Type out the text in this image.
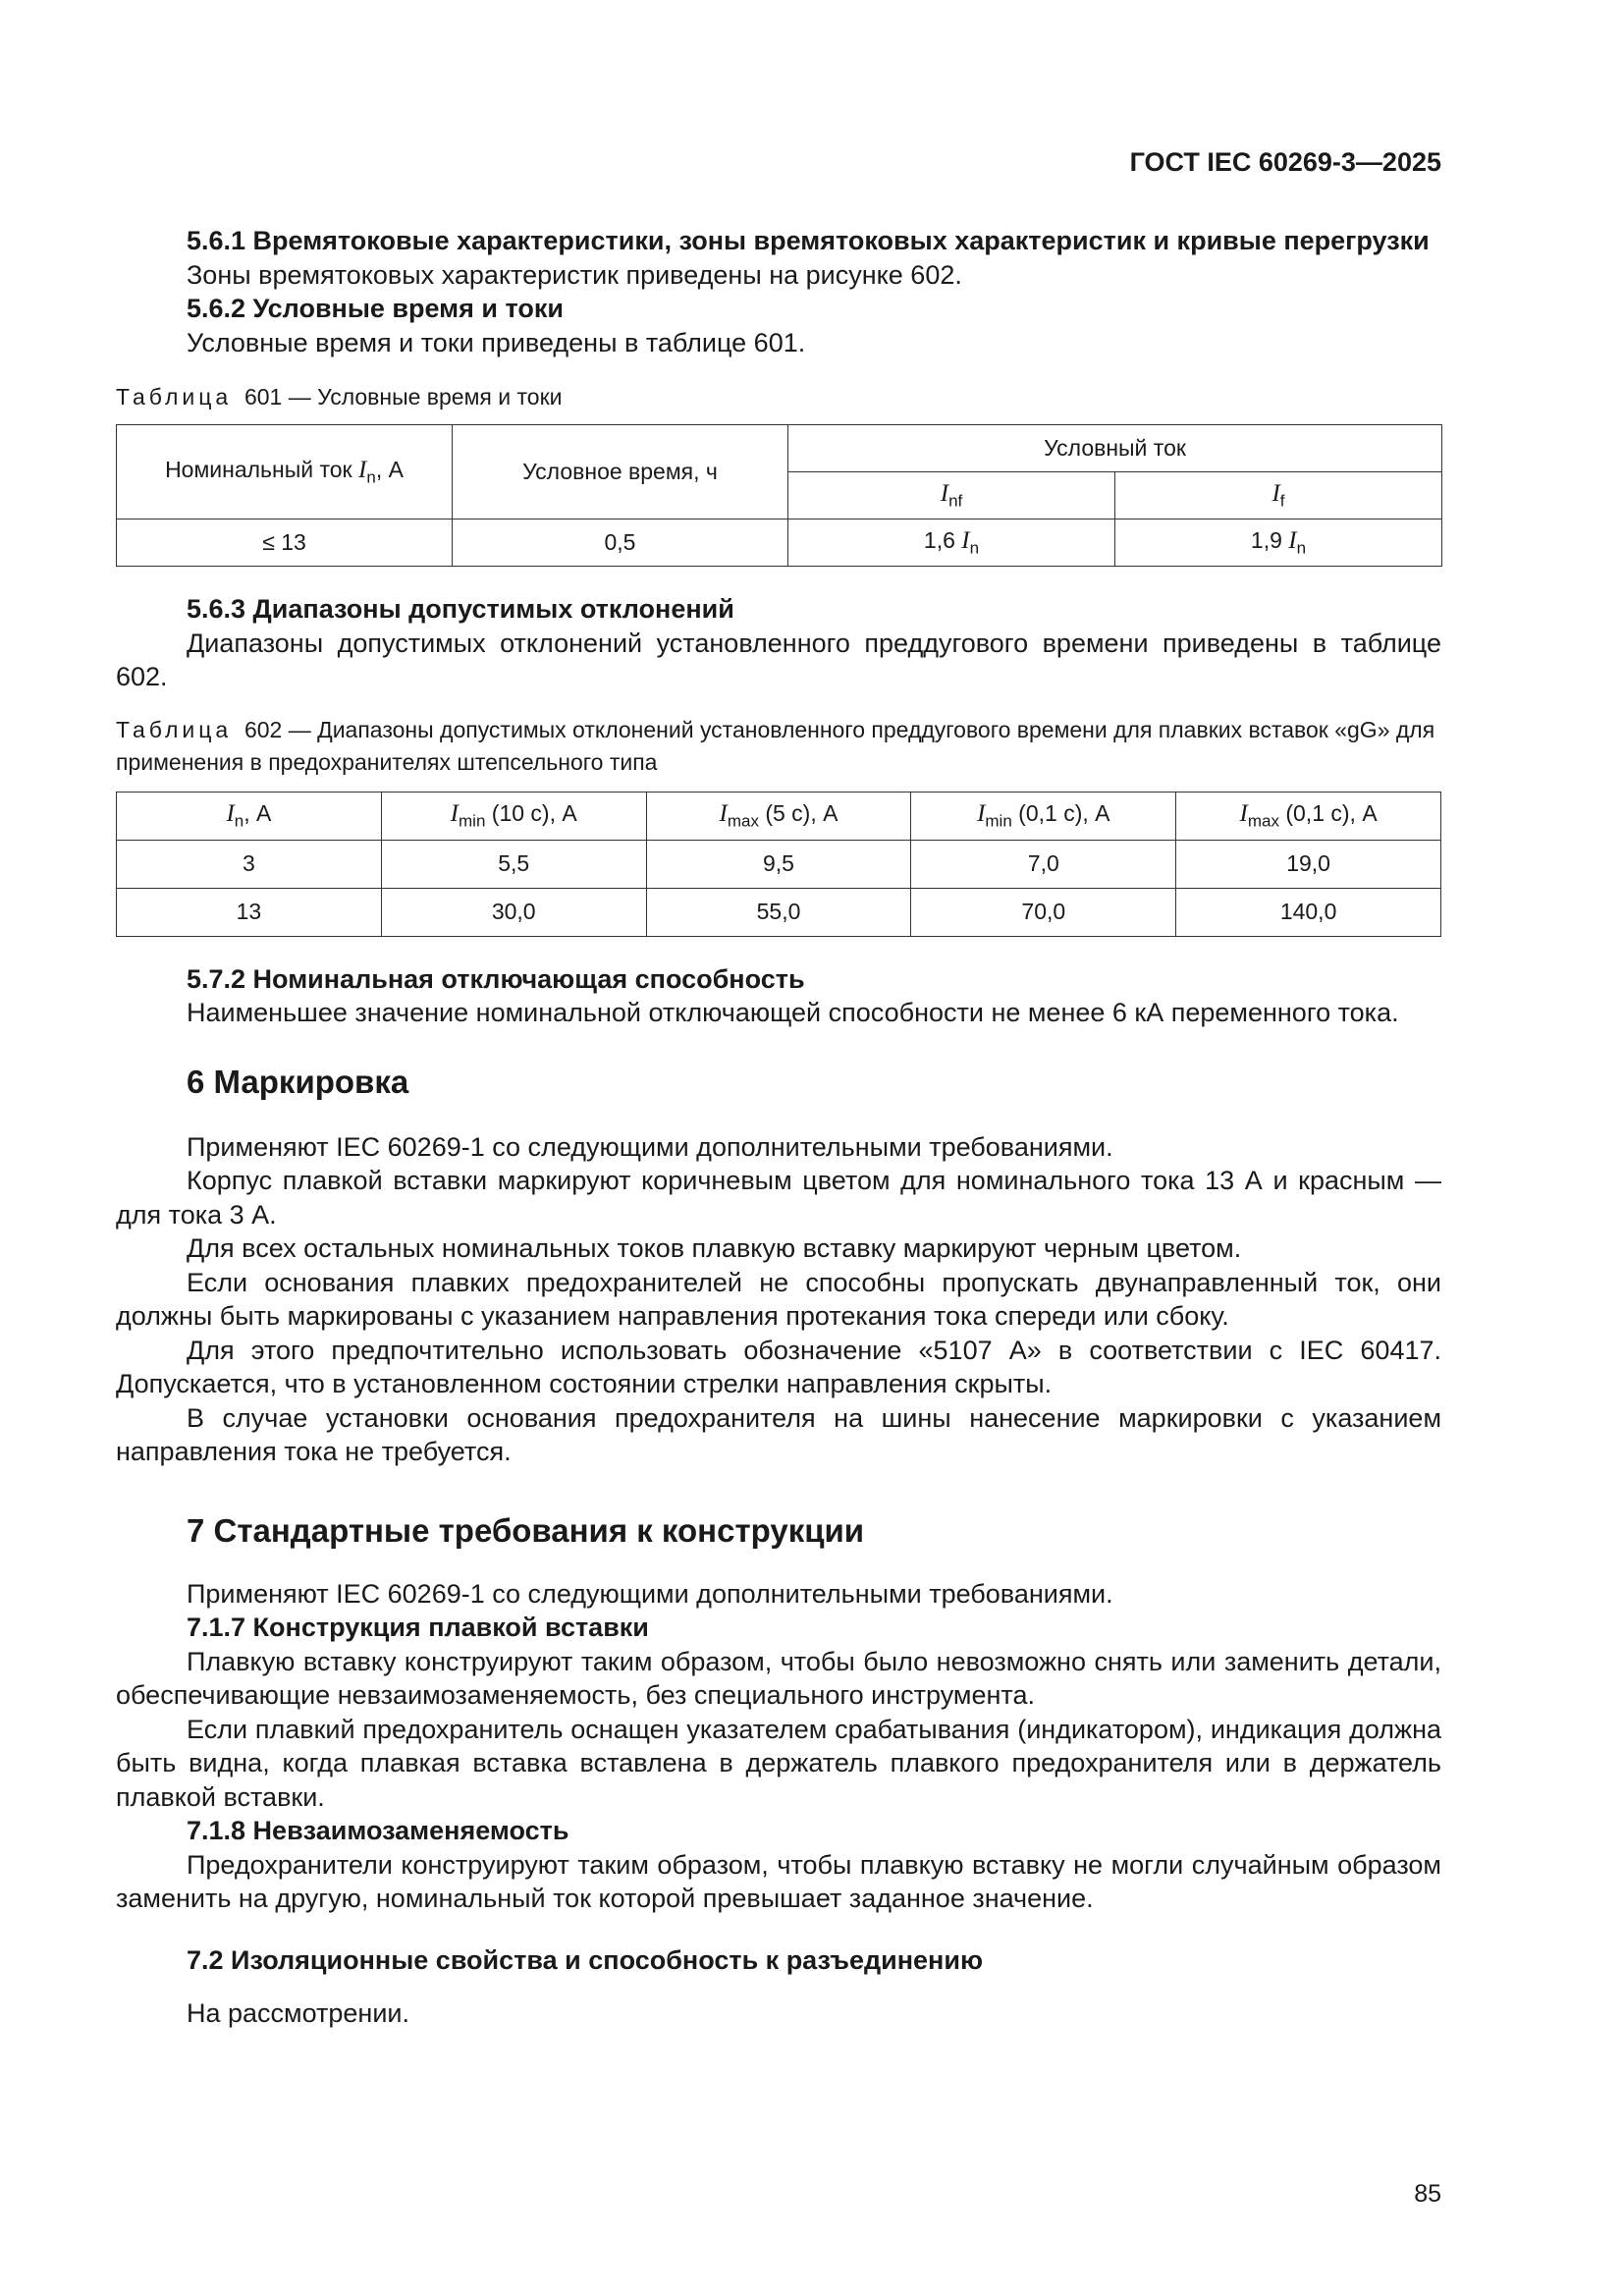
ГОСТ IEC 60269-3—2025

5.6.1 Времятоковые характеристики, зоны времятоковых характеристик и кривые перегрузки

Зоны времятоковых характеристик приведены на рисунке 602.

5.6.2 Условные время и токи

Условные время и токи приведены в таблице 601.

Таблица 601 — Условные время и токи

Номинальный ток $I_n$, А	Условное время, ч	Условный ток	
		$I_{nf}$	$I_f$
≤ 13	0,5	1,6 $I_n$	1,9 $I_n$

5.6.3 Диапазоны допустимых отклонений

Диапазоны допустимых отклонений установленного преддугового времени приведены в таблице 602.

Таблица 602 — Диапазоны допустимых отклонений установленного преддугового времени для плавких вставок «gG» для применения в предохранителях штепсельного типа

$I_n$, А	$I_{min}$ (10 с), А	$I_{max}$ (5 с), А	$I_{min}$ (0,1 с), А	$I_{max}$ (0,1 с), А
3	5,5	9,5	7,0	19,0
13	30,0	55,0	70,0	140,0

5.7.2 Номинальная отключающая способность

Наименьшее значение номинальной отключающей способности не менее 6 кА переменного тока.

6 Маркировка

Применяют IEC 60269-1 со следующими дополнительными требованиями.

Корпус плавкой вставки маркируют коричневым цветом для номинального тока 13 А и красным — для тока 3 А.

Для всех остальных номинальных токов плавкую вставку маркируют черным цветом.

Если основания плавких предохранителей не способны пропускать двунаправленный ток, они должны быть маркированы с указанием направления протекания тока спереди или сбоку.

Для этого предпочтительно использовать обозначение «5107 А» в соответствии с IEC 60417. Допускается, что в установленном состоянии стрелки направления скрыты.

В случае установки основания предохранителя на шины нанесение маркировки с указанием направления тока не требуется.

7 Стандартные требования к конструкции

Применяют IEC 60269-1 со следующими дополнительными требованиями.

7.1.7 Конструкция плавкой вставки

Плавкую вставку конструируют таким образом, чтобы было невозможно снять или заменить детали, обеспечивающие невзаимозаменяемость, без специального инструмента.

Если плавкий предохранитель оснащен указателем срабатывания (индикатором), индикация должна быть видна, когда плавкая вставка вставлена в держатель плавкого предохранителя или в держатель плавкой вставки.

7.1.8 Невзаимозаменяемость

Предохранители конструируют таким образом, чтобы плавкую вставку не могли случайным образом заменить на другую, номинальный ток которой превышает заданное значение.

7.2 Изоляционные свойства и способность к разъединению

На рассмотрении.

85
